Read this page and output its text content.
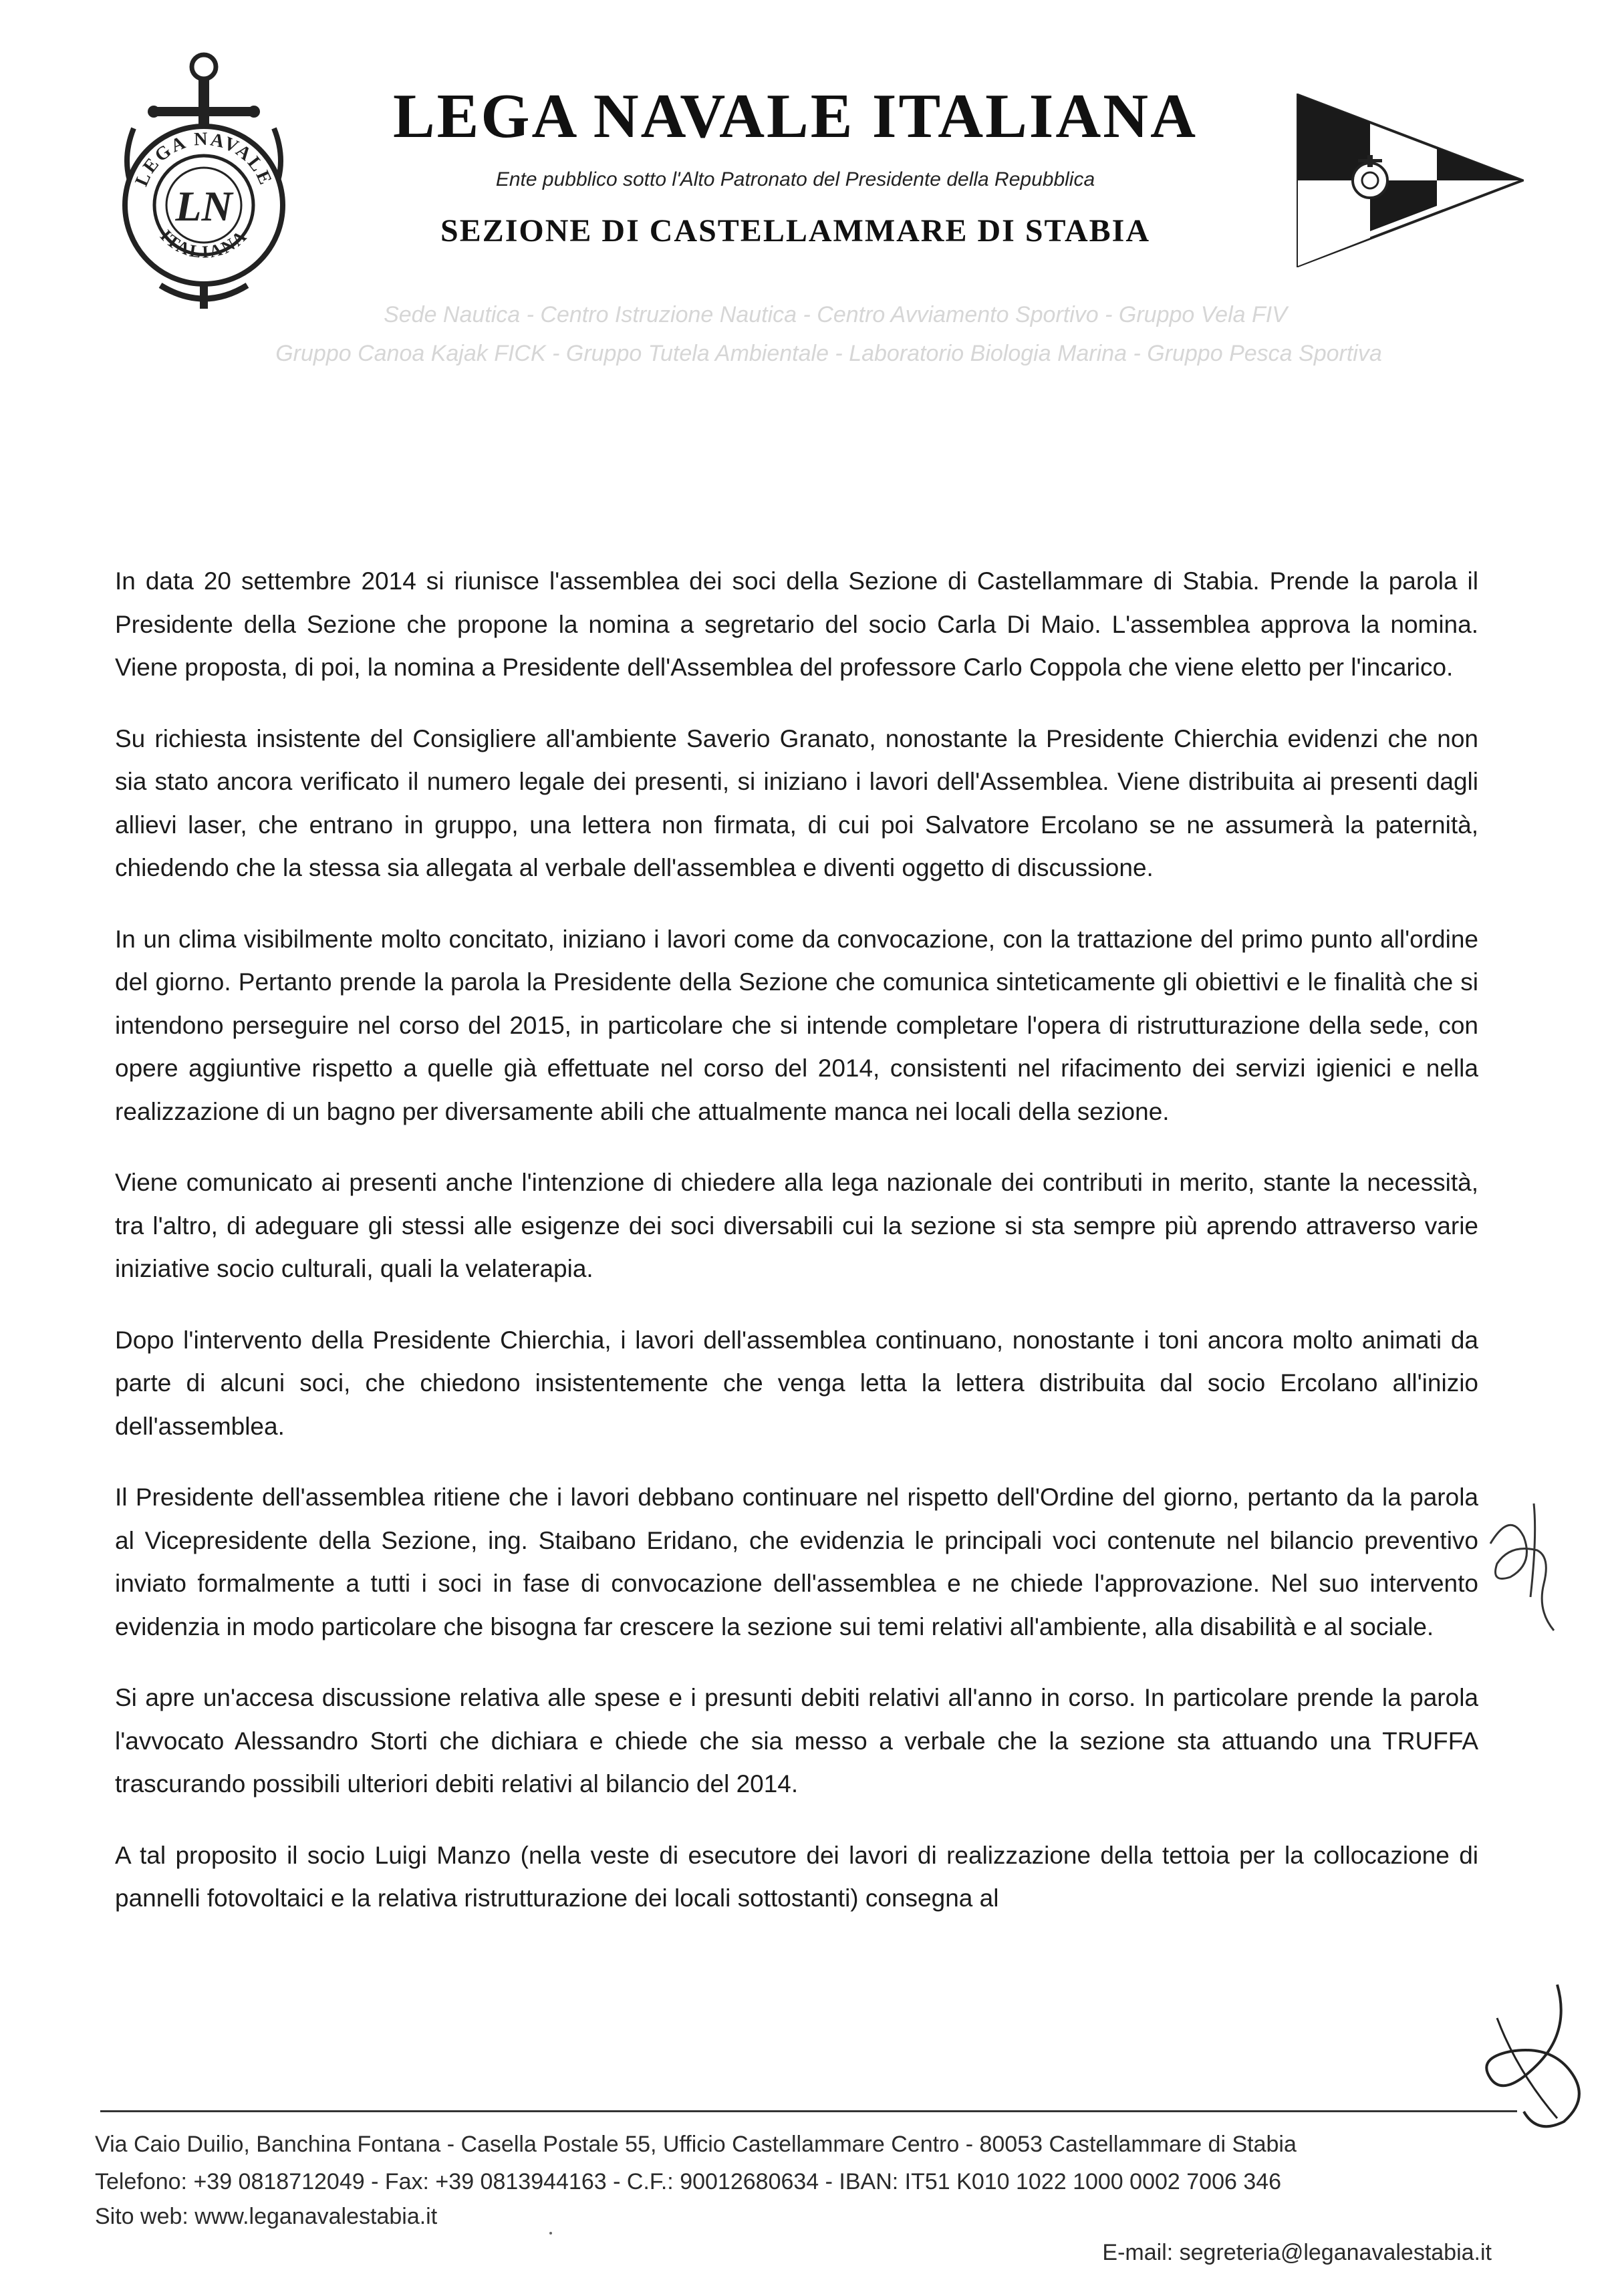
LEGA NAVALE
ITALIANA
LN
LEGA NAVALE ITALIANA
Ente pubblico sotto l'Alto Patronato del Presidente della Repubblica
SEZIONE DI CASTELLAMMARE DI STABIA
Sede Nautica - Centro Istruzione Nautica - Centro Avviamento Sportivo - Gruppo Vela FIV
Gruppo Canoa Kajak FICK - Gruppo Tutela Ambientale - Laboratorio Biologia Marina - Gruppo Pesca Sportiva

In data 20 settembre 2014 si riunisce l'assemblea dei soci della Sezione di Castellammare di Stabia. Prende la parola il Presidente della Sezione che propone la nomina a segretario del socio Carla Di Maio. L'assemblea approva la nomina. Viene proposta, di poi, la nomina a Presidente dell'Assemblea del professore Carlo Coppola che viene eletto per l'incarico.

Su richiesta insistente del Consigliere all'ambiente Saverio Granato, nonostante la Presidente Chierchia evidenzi che non sia stato ancora verificato il numero legale dei presenti, si iniziano i lavori dell'Assemblea. Viene distribuita ai presenti dagli allievi laser, che entrano in gruppo, una lettera non firmata, di cui poi Salvatore Ercolano se ne assumerà la paternità, chiedendo che la stessa sia allegata al verbale dell'assemblea e diventi oggetto di discussione.

In un clima visibilmente molto concitato, iniziano i lavori come da convocazione, con la trattazione del primo punto all'ordine del giorno. Pertanto prende la parola la Presidente della Sezione che comunica sinteticamente gli obiettivi e le finalità che si intendono perseguire nel corso del 2015, in particolare che si intende completare l'opera di ristrutturazione della sede, con opere aggiuntive rispetto a quelle già effettuate nel corso del 2014, consistenti nel rifacimento dei servizi igienici e nella realizzazione di un bagno per diversamente abili che attualmente manca nei locali della sezione.

Viene comunicato ai presenti anche l'intenzione di chiedere alla lega nazionale dei contributi in merito, stante la necessità, tra l'altro, di adeguare gli stessi alle esigenze dei soci diversabili cui la sezione si sta sempre più aprendo attraverso varie iniziative socio culturali, quali la velaterapia.

Dopo l'intervento della Presidente Chierchia, i lavori dell'assemblea continuano, nonostante i toni ancora molto animati da parte di alcuni soci, che chiedono insistentemente che venga letta la lettera distribuita dal socio Ercolano all'inizio dell'assemblea.

Il Presidente dell'assemblea ritiene che i lavori debbano continuare nel rispetto dell'Ordine del giorno, pertanto da la parola al Vicepresidente della Sezione, ing. Staibano Eridano, che evidenzia le principali voci contenute nel bilancio preventivo inviato formalmente a tutti i soci in fase di convocazione dell'assemblea e ne chiede l'approvazione. Nel suo intervento evidenzia in modo particolare che bisogna far crescere la sezione sui temi relativi all'ambiente, alla disabilità e al sociale.

Si apre un'accesa discussione relativa alle spese e i presunti debiti relativi all'anno in corso. In particolare prende la parola l'avvocato Alessandro Storti che dichiara e chiede che sia messo a verbale che la sezione sta attuando una TRUFFA trascurando possibili ulteriori debiti relativi al bilancio del 2014.

A tal proposito il socio Luigi Manzo (nella veste di esecutore dei lavori di realizzazione della tettoia per la collocazione di pannelli fotovoltaici e la relativa ristrutturazione dei locali sottostanti) consegna al

Via Caio Duilio, Banchina Fontana - Casella Postale 55, Ufficio Castellammare Centro - 80053 Castellammare di Stabia
Telefono: +39 0818712049 - Fax: +39 0813944163 - C.F.: 90012680634 - IBAN: IT51 K010 1022 1000 0002 7006 346
Sito web: www.leganavalestabia.it
E-mail: segreteria@leganavalestabia.it
